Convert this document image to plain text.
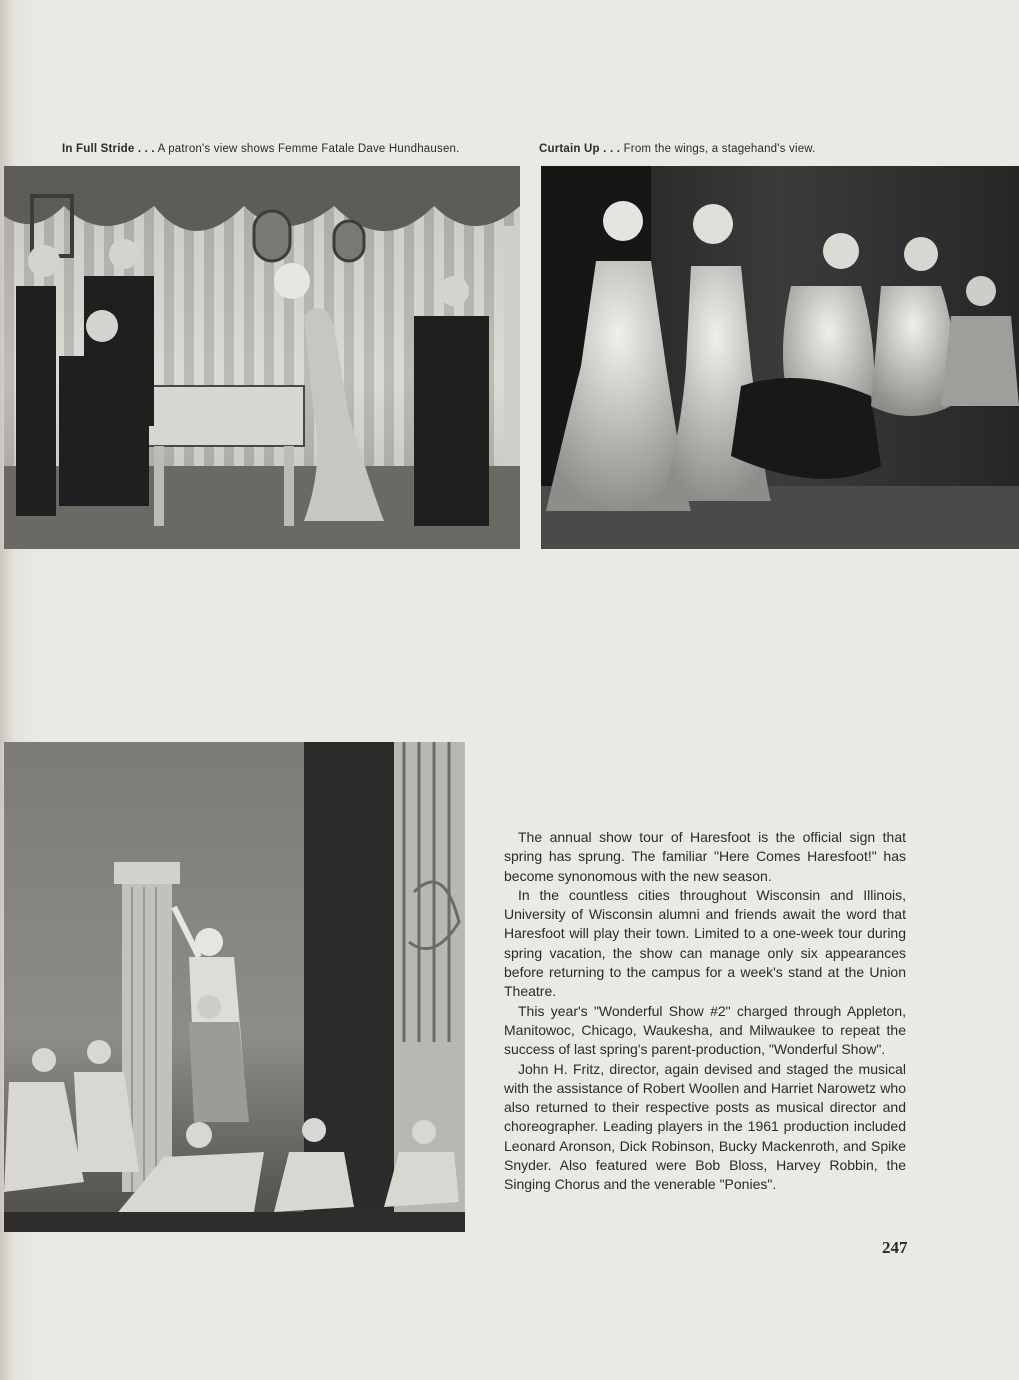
In Full Stride . . . A patron's view shows Femme Fatale Dave Hundhausen.	Curtain Up . . . From the wings, a stagehand's view.

The annual show tour of Haresfoot is the official sign that spring has sprung. The familiar "Here Comes Haresfoot!" has become synonomous with the new season.

In the countless cities throughout Wisconsin and Illinois, University of Wisconsin alumni and friends await the word that Haresfoot will play their town. Limited to a one-week tour during spring vacation, the show can manage only six appearances before returning to the campus for a week's stand at the Union Theatre.

This year's "Wonderful Show #2" charged through Appleton, Manitowoc, Chicago, Waukesha, and Milwaukee to repeat the success of last spring's parent-production, "Wonderful Show".

John H. Fritz, director, again devised and staged the musical with the assistance of Robert Woollen and Harriet Narowetz who also returned to their respective posts as musical director and choreographer. Leading players in the 1961 production included Leonard Aronson, Dick Robinson, Bucky Mackenroth, and Spike Snyder. Also featured were Bob Bloss, Harvey Robbin, the Singing Chorus and the venerable "Ponies".

247
